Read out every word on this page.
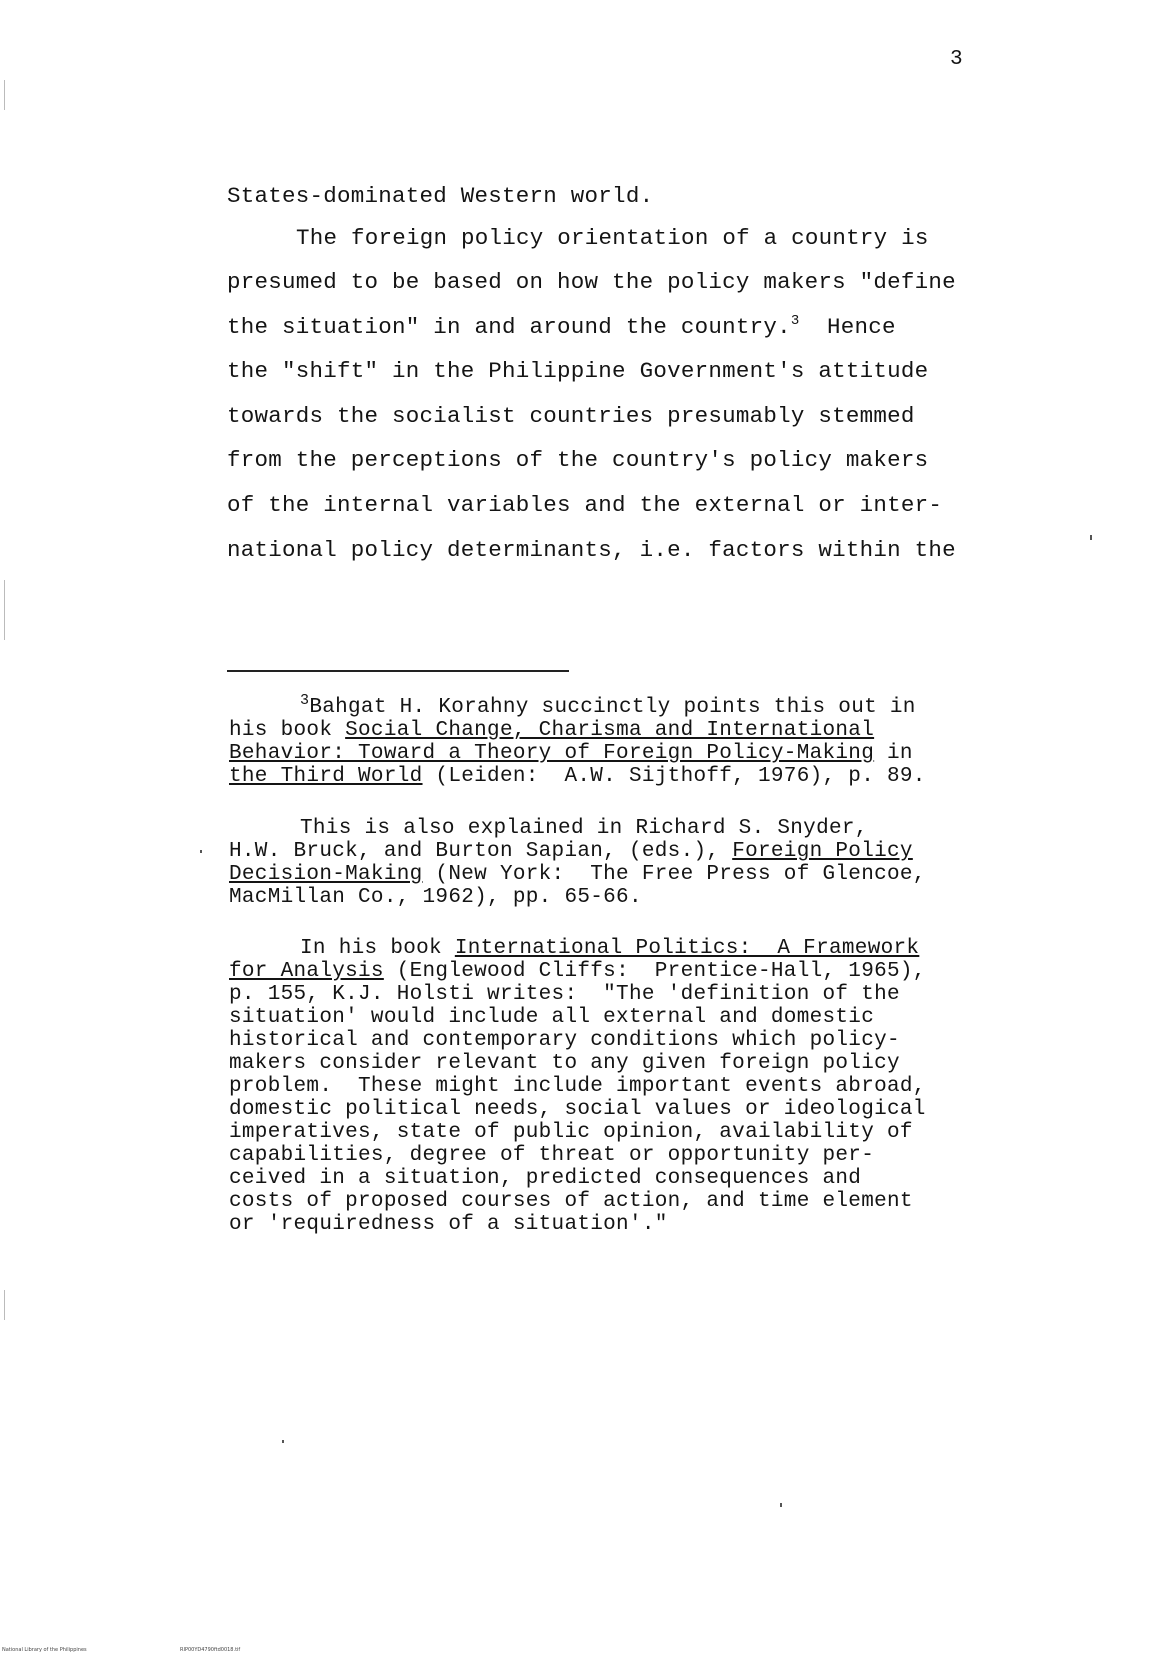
3
States-dominated Western world.
The foreign policy orientation of a country is
presumed to be based on how the policy makers "define
the situation" in and around the country.$^3$ Hence
the "shift" in the Philippine Government's attitude
towards the socialist countries presumably stemmed
from the perceptions of the country's policy makers
of the internal variables and the external or inter-
national policy determinants, i.e. factors within the
$^3$Bahgat H. Korahny succinctly points this out in
his book Social Change, Charisma and International
Behavior: Toward a Theory of Foreign Policy-Making in
the Third World (Leiden:  A.W. Sijthoff, 1976), p. 89.
This is also explained in Richard S. Snyder,
H.W. Bruck, and Burton Sapian, (eds.), Foreign Policy
Decision-Making (New York:  The Free Press of Glencoe,
MacMillan Co., 1962), pp. 65-66.
In his book International Politics:  A Framework
for Analysis (Englewood Cliffs:  Prentice-Hall, 1965),
p. 155, K.J. Holsti writes:  "The 'definition of the
situation' would include all external and domestic
historical and contemporary conditions which policy-
makers consider relevant to any given foreign policy
problem.  These might include important events abroad,
domestic political needs, social values or ideological
imperatives, state of public opinion, availability of
capabilities, degree of threat or opportunity per-
ceived in a situation, predicted consequences and
costs of proposed courses of action, and time element
or 'requiredness of a situation'."
National Library of the Philippines	RIP00YD4790ftd0018.tif
